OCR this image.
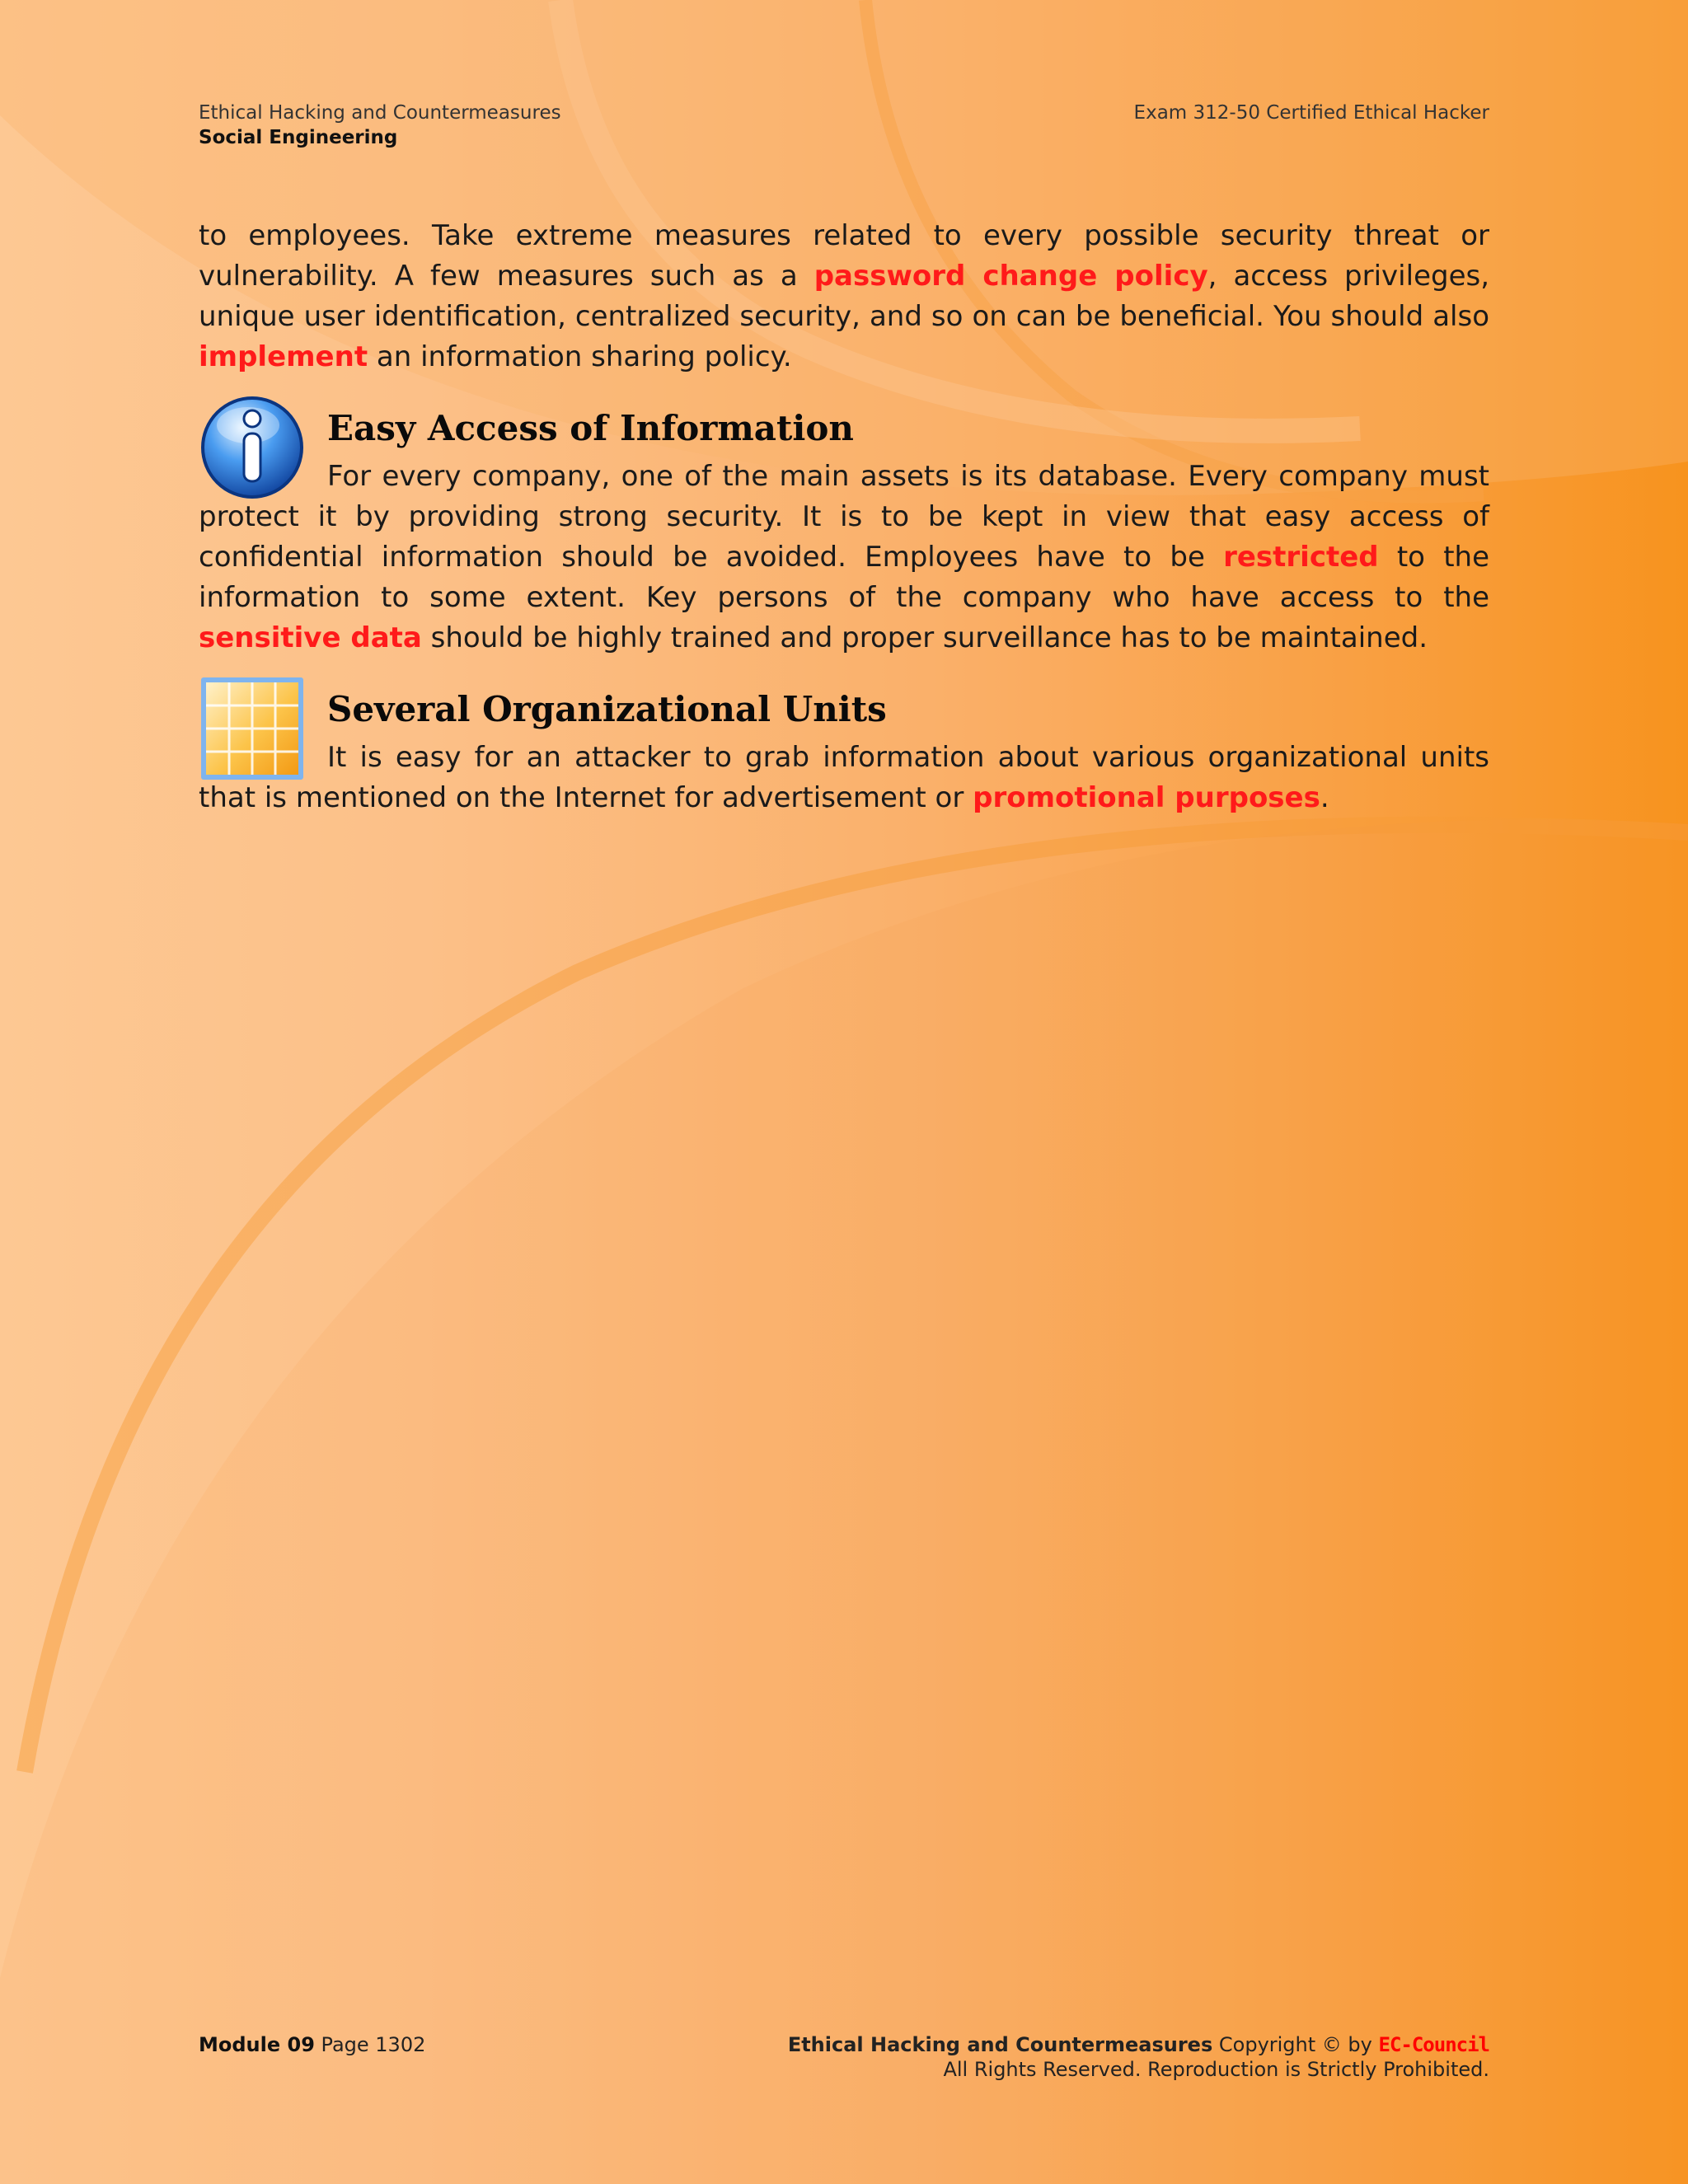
Ethical Hacking and Countermeasures
Social Engineering
Exam 312-50 Certified Ethical Hacker

to employees. Take extreme measures related to every possible security threat or vulnerability. A few measures such as a password change policy, access privileges, unique user identification, centralized security, and so on can be beneficial. You should also implement an information sharing policy.

Easy Access of Information

For every company, one of the main assets is its database. Every company must protect it by providing strong security. It is to be kept in view that easy access of confidential information should be avoided. Employees have to be restricted to the information to some extent. Key persons of the company who have access to the sensitive data should be highly trained and proper surveillance has to be maintained.

Several Organizational Units

It is easy for an attacker to grab information about various organizational units that is mentioned on the Internet for advertisement or promotional purposes.

Module 09 Page 1302	Ethical Hacking and Countermeasures Copyright © by EC-Council
All Rights Reserved. Reproduction is Strictly Prohibited.
